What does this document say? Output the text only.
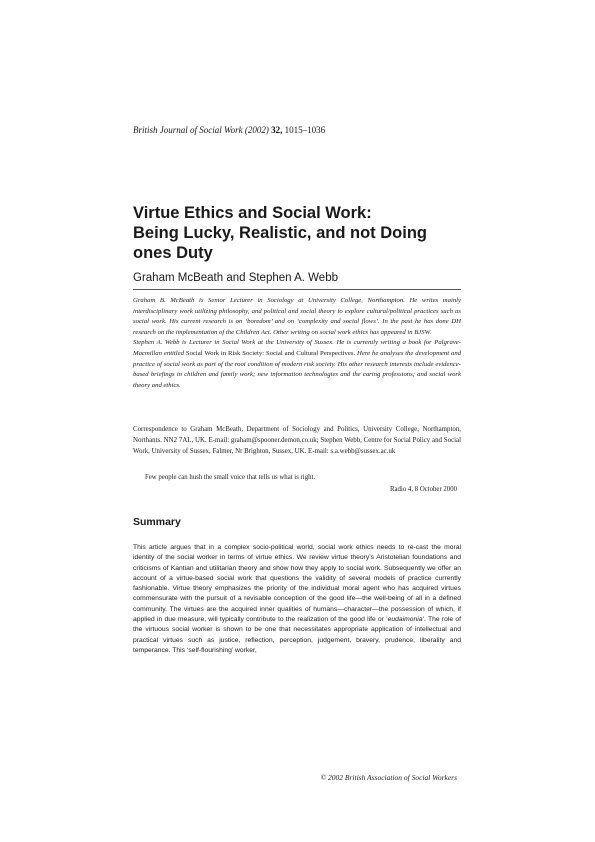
British Journal of Social Work (2002) 32, 1015–1036
Virtue Ethics and Social Work:
Being Lucky, Realistic, and not Doing
ones Duty
Graham McBeath and Stephen A. Webb

Graham B. McBeath is Senior Lecturer in Sociology at University College, Northampton. He writes mainly interdisciplinary work utilizing philosophy, and political and social theory to explore cultural/political practices such as social work. His current research is on ‘boredom’ and on ‘complexity and social flows’. In the past he has done DH research on the implementation of the Children Act. Other writing on social work ethics has appeared in BJSW.

Stephen A. Webb is Lecturer in Social Work at the University of Sussex. He is currently writing a book for Palgrave-Macmillan entitled Social Work in Risk Society: Social and Cultural Perspectives. Here he analyses the development and practice of social work as part of the root condition of modern risk society. His other research interests include evidence-based briefings in children and family work; new information technologies and the caring professions; and social work theory and ethics.

Correspondence to Graham McBeath, Department of Sociology and Politics, University College, Northampton, Northants. NN2 7AL, UK. E-mail: graham@spooner.demon.co.uk; Stephen Webb, Centre for Social Policy and Social Work, University of Sussex, Falmer, Nr Brighton, Sussex, UK. E-mail: s.a.webb@sussex.ac.uk

Few people can hush the small voice that tells us what is right.

Radio 4, 8 October 2000
Summary

This article argues that in a complex socio-political world, social work ethics needs to re-cast the moral identity of the social worker in terms of virtue ethics. We review virtue theory’s Aristotelian foundations and criticisms of Kantian and utilitarian theory and show how they apply to social work. Subsequently we offer an account of a virtue-based social work that questions the validity of several models of practice currently fashionable. Virtue theory emphasizes the priority of the individual moral agent who has acquired virtues commensurate with the pursuit of a revisable conception of the good life—the well-being of all in a defined community. The virtues are the acquired inner qualities of humans—character—the possession of which, if applied in due measure, will typically contribute to the realization of the good life or ‘eudaimonia’. The role of the virtuous social worker is shown to be one that necessitates appropriate application of intellectual and practical virtues such as justice, reflection, perception, judgement, bravery, prudence, liberality and temperance. This ‘self-flourishing’ worker,

© 2002 British Association of Social Workers
